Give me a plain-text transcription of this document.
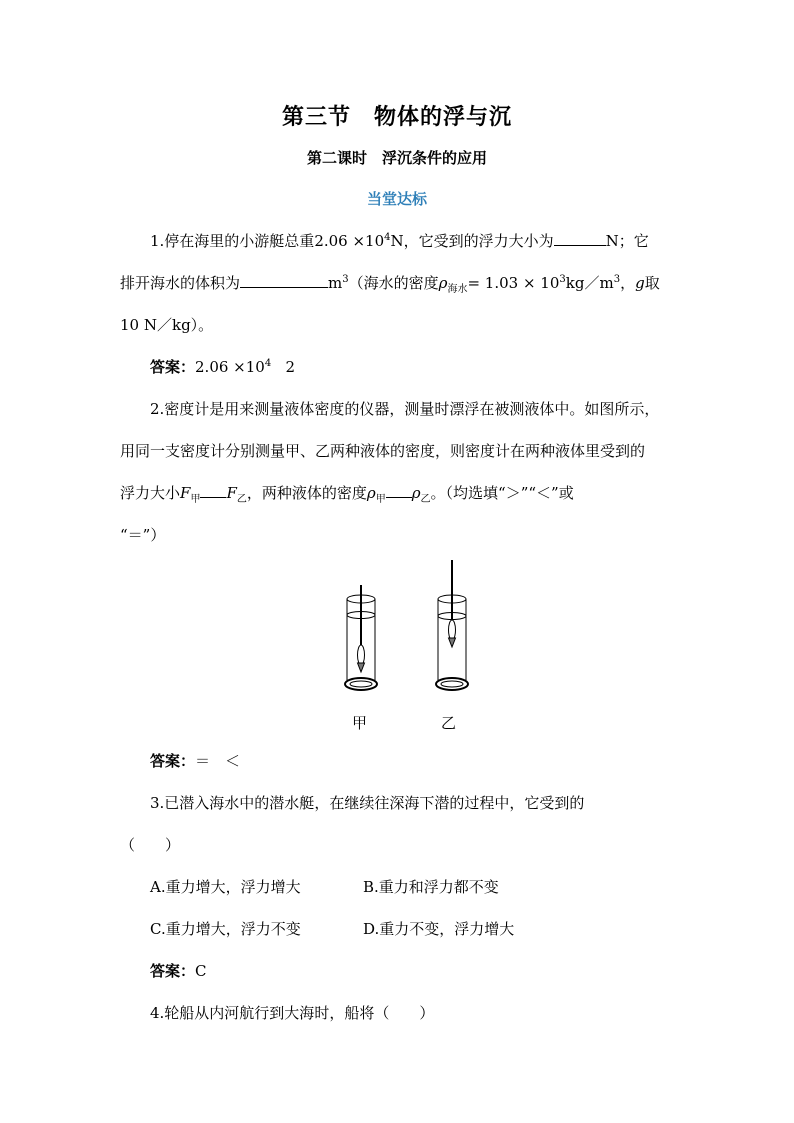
第三节　物体的浮与沉
第二课时　浮沉条件的应用
当堂达标
1.停在海里的小游艇总重$2.06 \times 10^4N$，它受到的浮力大小为	N；它
排开海水的体积为	$m^3$（海水的密度$\rho_{海水}= 1.03$ × $10^3kg/m^3$，g取
10 N／kg）。
答案：$2.06 \times 10^4$ 2
2.密度计是用来测量液体密度的仪器，测量时漂浮在被测液体中。如图所示，
用同一支密度计分别测量甲、乙两种液体的密度，则密度计在两种液体里受到的
浮力大小$F_甲$ $F_乙$，两种液体的密度$\rho_甲$ $\rho_乙$。（均选填“＞”“＜”或
“＝”）
甲	乙
答案：＝　＜
3.已潜入海水中的潜水艇，在继续往深海下潜的过程中，它受到的
（　　）
A.重力增大，浮力增大	B.重力和浮力都不变
C.重力增大，浮力不变	D.重力不变，浮力增大
答案：C
4.轮船从内河航行到大海时，船将（　　）
